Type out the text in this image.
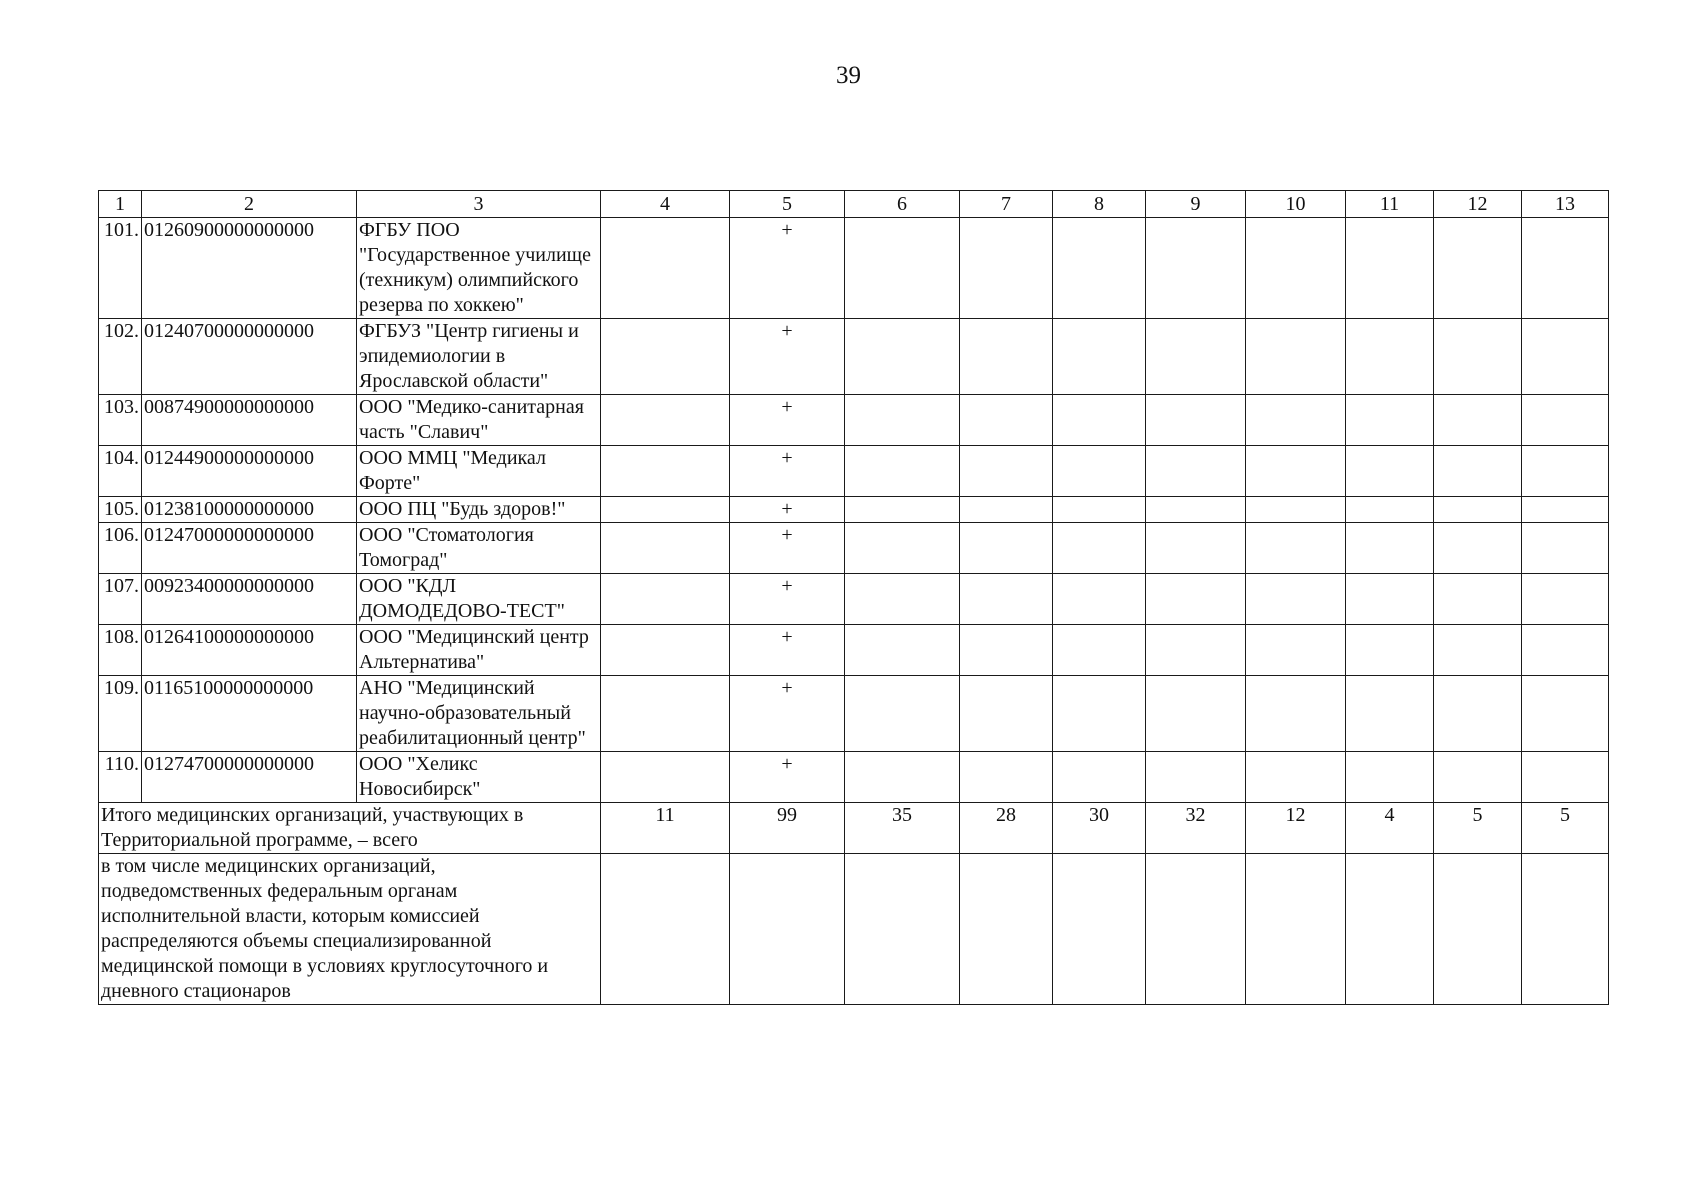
39
1	2	3	4	5	6	7	8	9	10	11	12	13
101.	01260900000000000	ФГБУ ПОО "Государственное училище (техникум) олимпийского резерва по хоккею"		+								
102.	01240700000000000	ФГБУЗ "Центр гигиены и эпидемиологии в Ярославской области"		+								
103.	00874900000000000	ООО "Медико-санитарная часть "Славич"		+								
104.	01244900000000000	ООО ММЦ "Медикал Форте"		+								
105.	01238100000000000	ООО ПЦ "Будь здоров!"		+								
106.	01247000000000000	ООО "Стоматология Томоград"		+								
107.	00923400000000000	ООО "КДЛ ДОМОДЕДОВО-ТЕСТ"		+								
108.	01264100000000000	ООО "Медицинский центр Альтернатива"		+								
109.	01165100000000000	АНО "Медицинский научно-образовательный реабилитационный центр"		+								
110.	01274700000000000	ООО "Хеликс Новосибирск"		+								
Итого медицинских организаций, участвующих в Территориальной программе, – всего			11	99	35	28	30	32	12	4	5	5
в том числе медицинских организаций, подведомственных федеральным органам исполнительной власти, которым комиссией распределяются объемы специализированной медицинской помощи в условиях круглосуточного и дневного стационаров												
